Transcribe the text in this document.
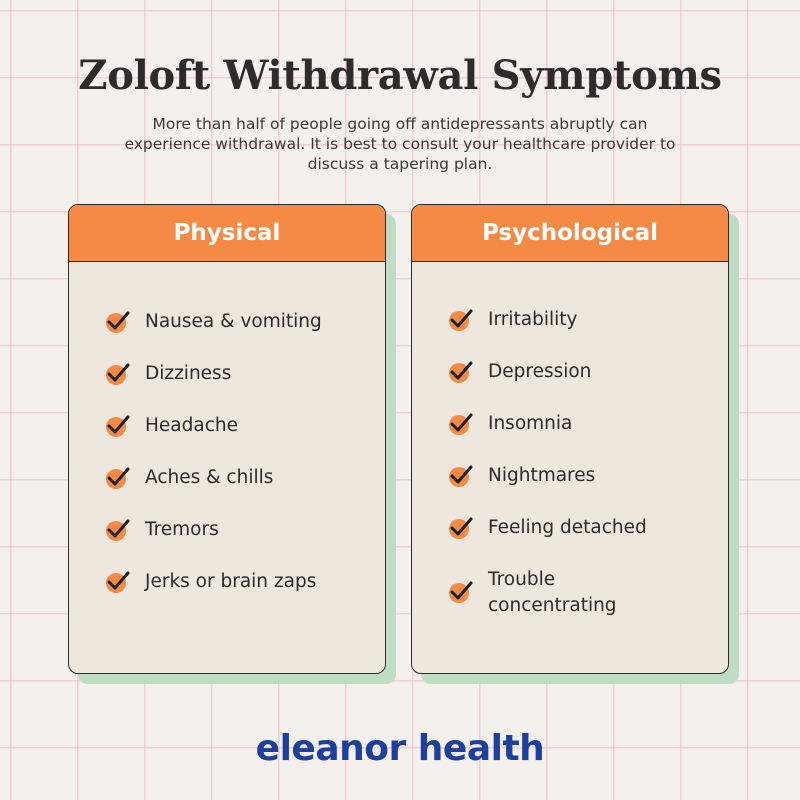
Zoloft Withdrawal Symptoms

More than half of people going off antidepressants abruptly can experience withdrawal. It is best to consult your healthcare provider to discuss a tapering plan.

Physical
Nausea & vomiting
Dizziness
Headache
Aches & chills
Tremors
Jerks or brain zaps
Psychological
Irritability
Depression
Insomnia
Nightmares
Feeling detached
Trouble concentrating
eleanor health
